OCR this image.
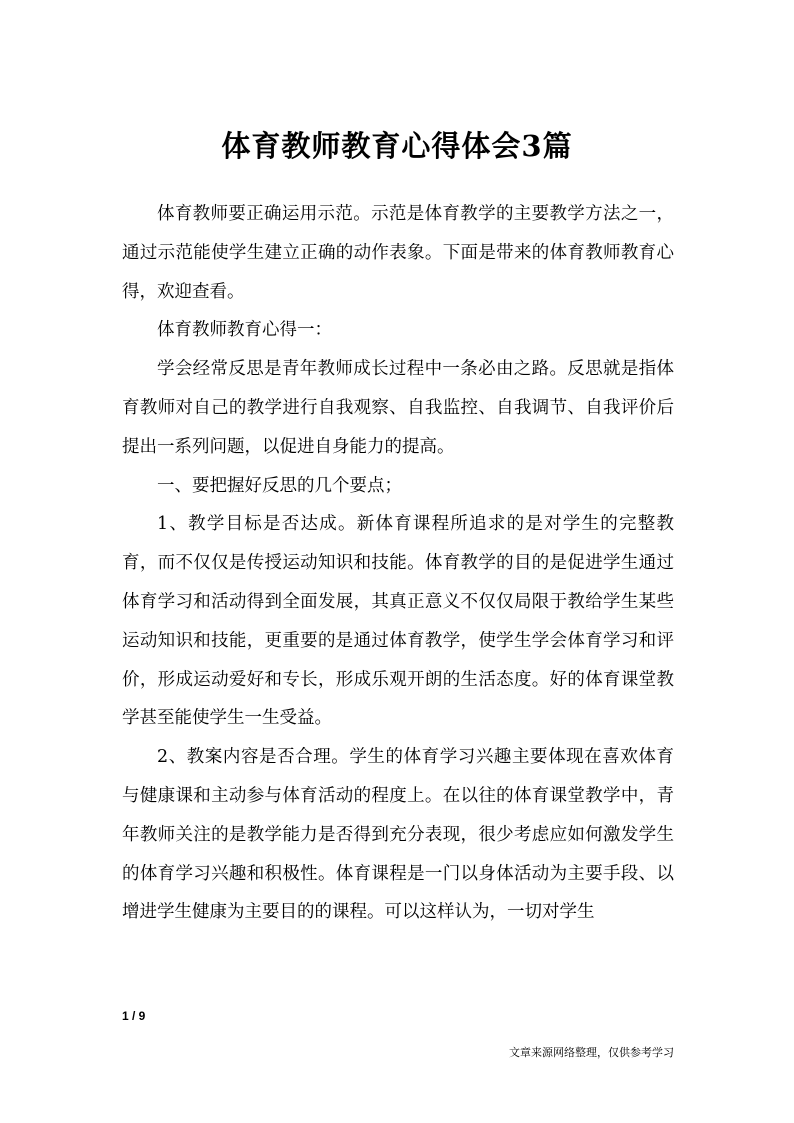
体育教师教育心得体会3篇

体育教师要正确运用示范。示范是体育教学的主要教学方法之一，通过示范能使学生建立正确的动作表象。下面是带来的体育教师教育心得，欢迎查看。

体育教师教育心得一：

学会经常反思是青年教师成长过程中一条必由之路。反思就是指体育教师对自己的教学进行自我观察、自我监控、自我调节、自我评价后提出一系列问题，以促进自身能力的提高。

一、要把握好反思的几个要点；

1、教学目标是否达成。新体育课程所追求的是对学生的完整教育，而不仅仅是传授运动知识和技能。体育教学的目的是促进学生通过体育学习和活动得到全面发展，其真正意义不仅仅局限于教给学生某些运动知识和技能，更重要的是通过体育教学，使学生学会体育学习和评价，形成运动爱好和专长，形成乐观开朗的生活态度。好的体育课堂教学甚至能使学生一生受益。

2、教案内容是否合理。学生的体育学习兴趣主要体现在喜欢体育与健康课和主动参与体育活动的程度上。在以往的体育课堂教学中，青年教师关注的是教学能力是否得到充分表现，很少考虑应如何激发学生的体育学习兴趣和积极性。体育课程是一门以身体活动为主要手段、以增进学生健康为主要目的的课程。可以这样认为，一切对学生

1 / 9
文章来源网络整理，仅供参考学习
